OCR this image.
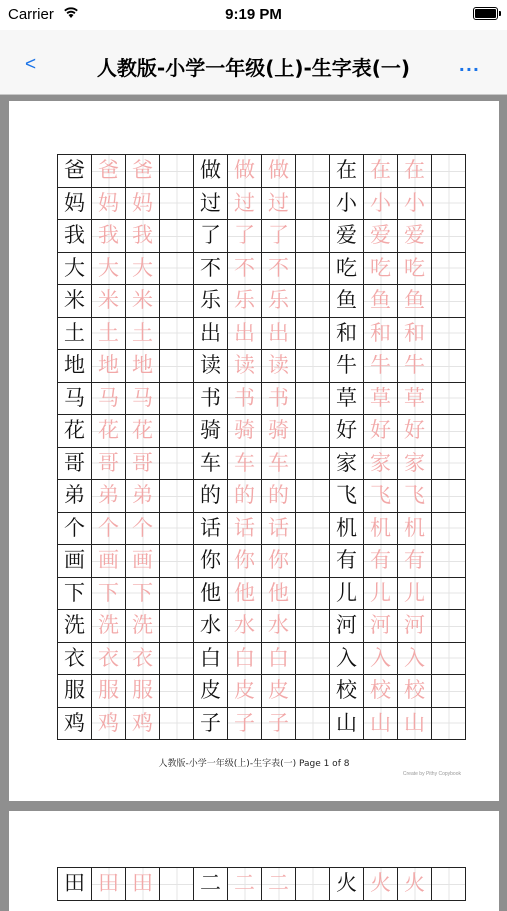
Carrier	9:19 PM
<	人教版-小学一年级(上)-生字表(一)	...
爸	爸	爸		做	做	做		在	在	在	
妈	妈	妈		过	过	过		小	小	小	
我	我	我		了	了	了		爱	爱	爱	
大	大	大		不	不	不		吃	吃	吃	
米	米	米		乐	乐	乐		鱼	鱼	鱼	
土	土	土		出	出	出		和	和	和	
地	地	地		读	读	读		牛	牛	牛	
马	马	马		书	书	书		草	草	草	
花	花	花		骑	骑	骑		好	好	好	
哥	哥	哥		车	车	车		家	家	家	
弟	弟	弟		的	的	的		飞	飞	飞	
个	个	个		话	话	话		机	机	机	
画	画	画		你	你	你		有	有	有	
下	下	下		他	他	他		儿	儿	儿	
洗	洗	洗		水	水	水		河	河	河	
衣	衣	衣		白	白	白		入	入	入	
服	服	服		皮	皮	皮		校	校	校	
鸡	鸡	鸡		子	子	子		山	山	山	
人教版-小学一年级(上)-生字表(一) Page 1 of 8
Create by Pithy Copybook
田	田	田		二	二	二		火	火	火	
